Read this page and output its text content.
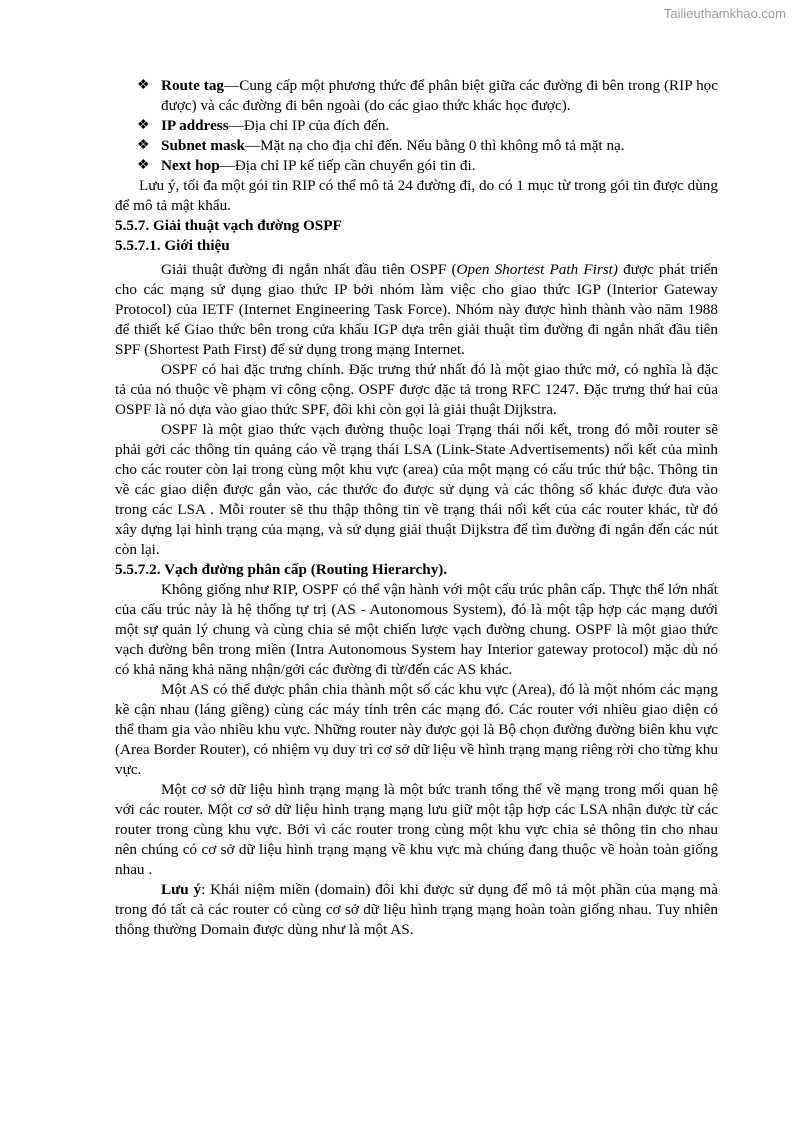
Tailieuthamkhao.com
❖ Route tag—Cung cấp một phương thức để phân biệt giữa các đường đi bên trong (RIP học được) và các đường đi bên ngoài (do các giao thức khác học được).
❖ IP address—Địa chỉ IP của đích đến.
❖ Subnet mask—Mặt nạ cho địa chỉ đến. Nếu bằng 0 thì không mô tả mặt nạ.
❖ Next hop—Địa chỉ IP kế tiếp cần chuyển gói tin đi.
Lưu ý, tối đa một gói tin RIP có thể mô tả 24 đường đi, do có 1 mục từ trong gói tin được dùng để mô tả mật khẩu.
5.5.7. Giải thuật vạch đường OSPF
5.5.7.1. Giới thiệu
Giải thuật đường đi ngắn nhất đầu tiên OSPF (Open Shortest Path First) được phát triển cho các mạng sử dụng giao thức IP bởi nhóm làm việc cho giao thức IGP (Interior Gateway Protocol) của IETF (Internet Engineering Task Force). Nhóm này được hình thành vào năm 1988 để thiết kế Giao thức bên trong cửa khẩu IGP dựa trên giải thuật tìm đường đi ngắn nhất đầu tiên SPF (Shortest Path First) để sử dụng trong mạng Internet.
OSPF có hai đặc trưng chính. Đặc trưng thứ nhất đó là một giao thức mở, có nghĩa là đặc tả của nó thuộc về phạm vi công cộng. OSPF được đặc tả trong RFC 1247. Đặc trưng thứ hai của OSPF là nó dựa vào giao thức SPF, đôi khi còn gọi là giải thuật Dijkstra.
OSPF là một giao thức vạch đường thuộc loại Trạng thái nối kết, trong đó mỗi router sẽ phải gởi các thông tin quảng cáo về trạng thái LSA (Link-State Advertisements) nối kết của mình cho các router còn lại trong cùng một khu vực (area) của một mạng có cấu trúc thứ bậc. Thông tin về các giao diện được gắn vào, các thước đo được sử dụng và các thông số khác được đưa vào trong các LSA . Mỗi router sẽ thu thập thông tin về trạng thái nối kết của các router khác, từ đó xây dựng lại hình trạng của mạng, và sử dụng giải thuật Dijkstra để tìm đường đi ngắn đến các nút còn lại.
5.5.7.2. Vạch đường phân cấp (Routing Hierarchy).
Không giống như RIP, OSPF có thể vận hành với một cấu trúc phân cấp. Thực thể lớn nhất của cấu trúc này là hệ thống tự trị (AS - Autonomous System), đó là một tập hợp các mạng dưới một sự quản lý chung và cùng chia sẻ một chiến lược vạch đường chung. OSPF là một giao thức vạch đường bên trong miền (Intra Autonomous System hay Interior gateway protocol) mặc dù nó có khả năng khả năng nhận/gởi các đường đi từ/đến các AS khác.
Một AS có thể được phân chia thành một số các khu vực (Area), đó là một nhóm các mạng kề cận nhau (láng giềng) cùng các máy tính trên các mạng đó. Các router với nhiều giao diện có thể tham gia vào nhiều khu vực. Những router này được gọi là Bộ chọn đường đường biên khu vực (Area Border Router), có nhiệm vụ duy trì cơ sở dữ liệu về hình trạng mạng riêng rời cho từng khu vực.
Một cơ sở dữ liệu hình trạng mạng là một bức tranh tổng thể về mạng trong mối quan hệ với các router. Một cơ sở dữ liệu hình trạng mạng lưu giữ một tập hợp các LSA nhận được từ các router trong cùng khu vực. Bởi vì các router trong cùng một khu vực chia sẻ thông tin cho nhau nên chúng có cơ sở dữ liệu hình trạng mạng về khu vực mà chúng đang thuộc về hoàn toàn giống nhau .
Lưu ý: Khái niệm miền (domain) đôi khi được sử dụng để mô tả một phần của mạng mà trong đó tất cả các router có cùng cơ sở dữ liệu hình trạng mạng hoàn toàn giống nhau. Tuy nhiên thông thường Domain được dùng như là một AS.
